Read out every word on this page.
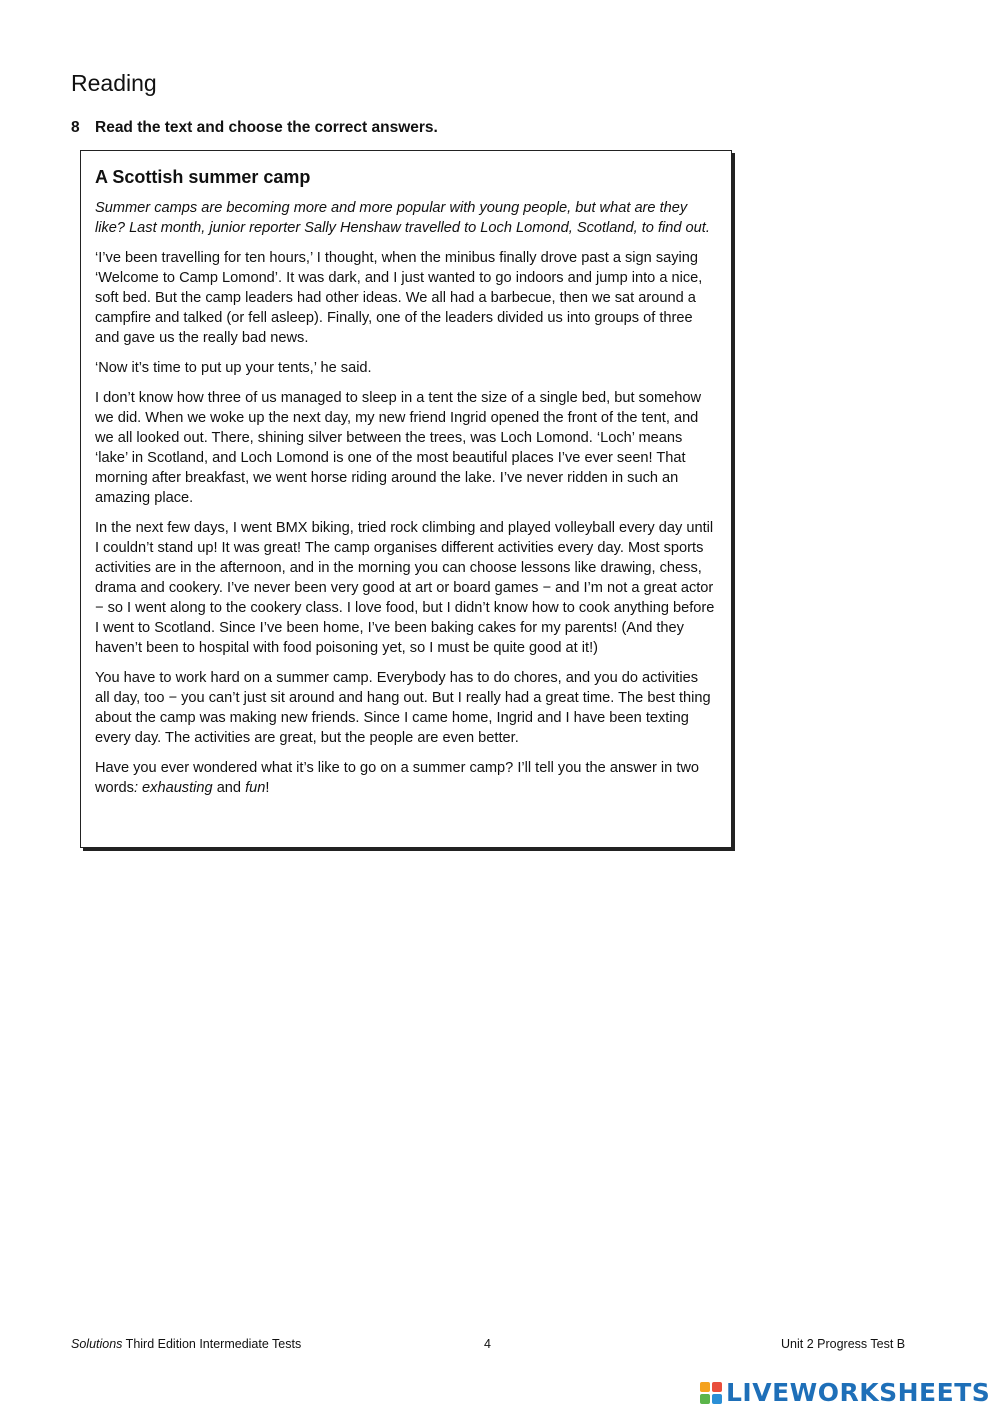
Reading
8 Read the text and choose the correct answers.
A Scottish summer camp

Summer camps are becoming more and more popular with young people, but what are they like? Last month, junior reporter Sally Henshaw travelled to Loch Lomond, Scotland, to find out.

‘I’ve been travelling for ten hours,’ I thought, when the minibus finally drove past a sign saying ‘Welcome to Camp Lomond’. It was dark, and I just wanted to go indoors and jump into a nice, soft bed. But the camp leaders had other ideas. We all had a barbecue, then we sat around a campfire and talked (or fell asleep). Finally, one of the leaders divided us into groups of three and gave us the really bad news.

‘Now it’s time to put up your tents,’ he said.

I don’t know how three of us managed to sleep in a tent the size of a single bed, but somehow we did. When we woke up the next day, my new friend Ingrid opened the front of the tent, and we all looked out. There, shining silver between the trees, was Loch Lomond. ‘Loch’ means ‘lake’ in Scotland, and Loch Lomond is one of the most beautiful places I’ve ever seen! That morning after breakfast, we went horse riding around the lake. I’ve never ridden in such an amazing place.

In the next few days, I went BMX biking, tried rock climbing and played volleyball every day until I couldn’t stand up! It was great! The camp organises different activities every day. Most sports activities are in the afternoon, and in the morning you can choose lessons like drawing, chess, drama and cookery. I’ve never been very good at art or board games − and I’m not a great actor − so I went along to the cookery class. I love food, but I didn’t know how to cook anything before I went to Scotland. Since I’ve been home, I’ve been baking cakes for my parents! (And they haven’t been to hospital with food poisoning yet, so I must be quite good at it!)

You have to work hard on a summer camp. Everybody has to do chores, and you do activities all day, too − you can’t just sit around and hang out. But I really had a great time. The best thing about the camp was making new friends. Since I came home, Ingrid and I have been texting every day. The activities are great, but the people are even better.

Have you ever wondered what it’s like to go on a summer camp? I’ll tell you the answer in two words: exhausting and fun!

Solutions Third Edition Intermediate Tests	4	Unit 2 Progress Test B
LIVEWORKSHEETS
